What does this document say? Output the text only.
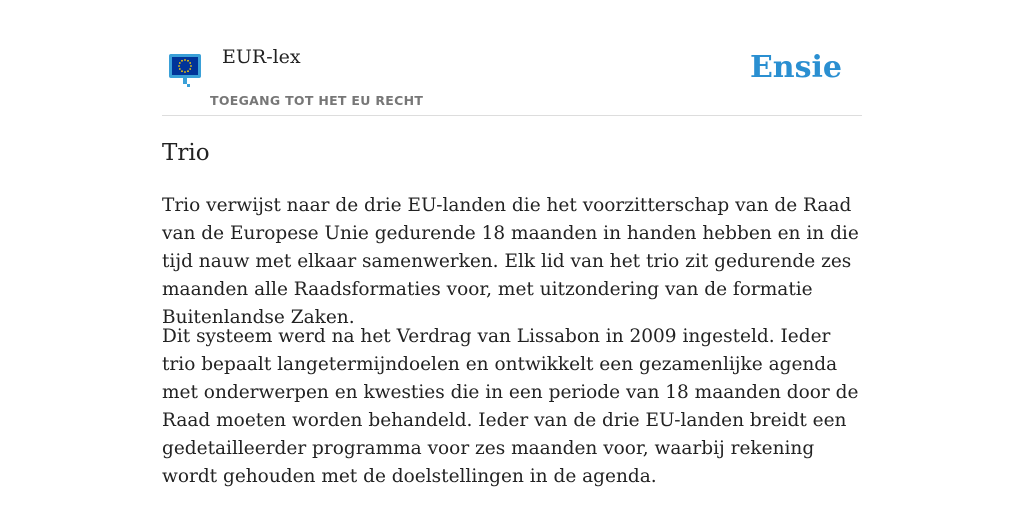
EUR-lex
TOEGANG TOT HET EU RECHT
Ensie
Trio

Trio verwijst naar de drie EU-landen die het voorzitterschap van de Raad van de Europese Unie gedurende 18 maanden in handen hebben en in die tijd nauw met elkaar samenwerken. Elk lid van het trio zit gedurende zes maanden alle Raadsformaties voor, met uitzondering van de formatie Buitenlandse Zaken.

Dit systeem werd na het Verdrag van Lissabon in 2009 ingesteld. Ieder trio bepaalt langetermijndoelen en ontwikkelt een gezamenlijke agenda met onderwerpen en kwesties die in een periode van 18 maanden door de Raad moeten worden behandeld. Ieder van de drie EU-landen breidt een gedetailleerder programma voor zes maanden voor, waarbij rekening wordt gehouden met de doelstellingen in de agenda.
